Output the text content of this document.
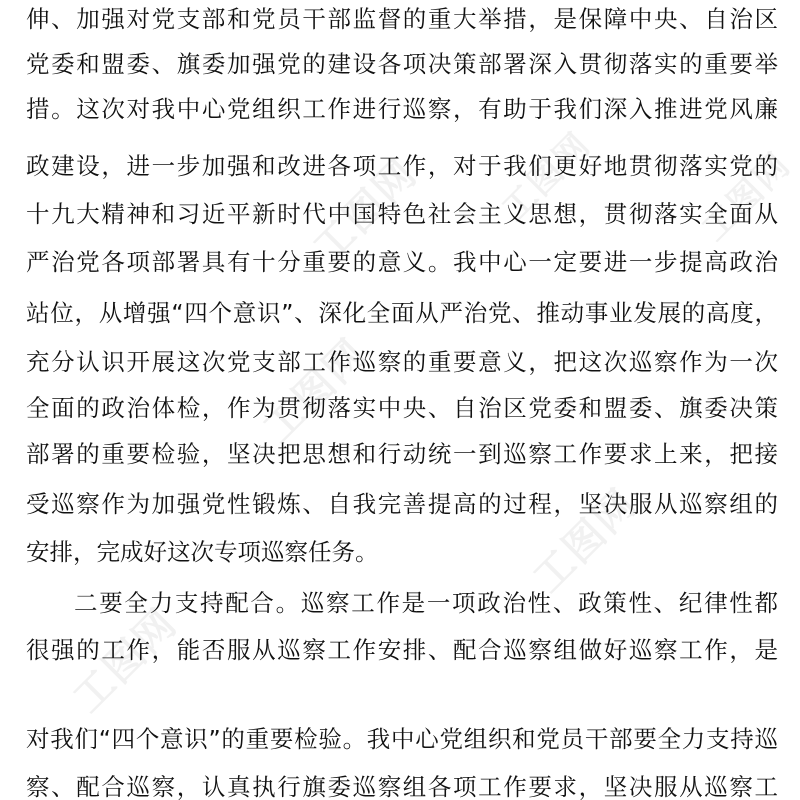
工图网 工图网	工图网
工图网
工图网
工图网
伸、加强对党支部和党员干部监督的重大举措，是保障中央、自治区
党委和盟委、旗委加强党的建设各项决策部署深入贯彻落实的重要举
措。这次对我中心党组织工作进行巡察，有助于我们深入推进党风廉
政建设，进一步加强和改进各项工作，对于我们更好地贯彻落实党的
十九大精神和习近平新时代中国特色社会主义思想，贯彻落实全面从
严治党各项部署具有十分重要的意义。我中心一定要进一步提高政治
站位，从增强“四个意识”、深化全面从严治党、推动事业发展的高度，
充分认识开展这次党支部工作巡察的重要意义，把这次巡察作为一次
全面的政治体检，作为贯彻落实中央、自治区党委和盟委、旗委决策
部署的重要检验，坚决把思想和行动统一到巡察工作要求上来，把接
受巡察作为加强党性锻炼、自我完善提高的过程，坚决服从巡察组的
安排，完成好这次专项巡察任务。
二要全力支持配合。巡察工作是一项政治性、政策性、纪律性都
很强的工作，能否服从巡察工作安排、配合巡察组做好巡察工作，是
对我们“四个意识”的重要检验。我中心党组织和党员干部要全力支持巡
察、配合巡察，认真执行旗委巡察组各项工作要求，坚决服从巡察工
